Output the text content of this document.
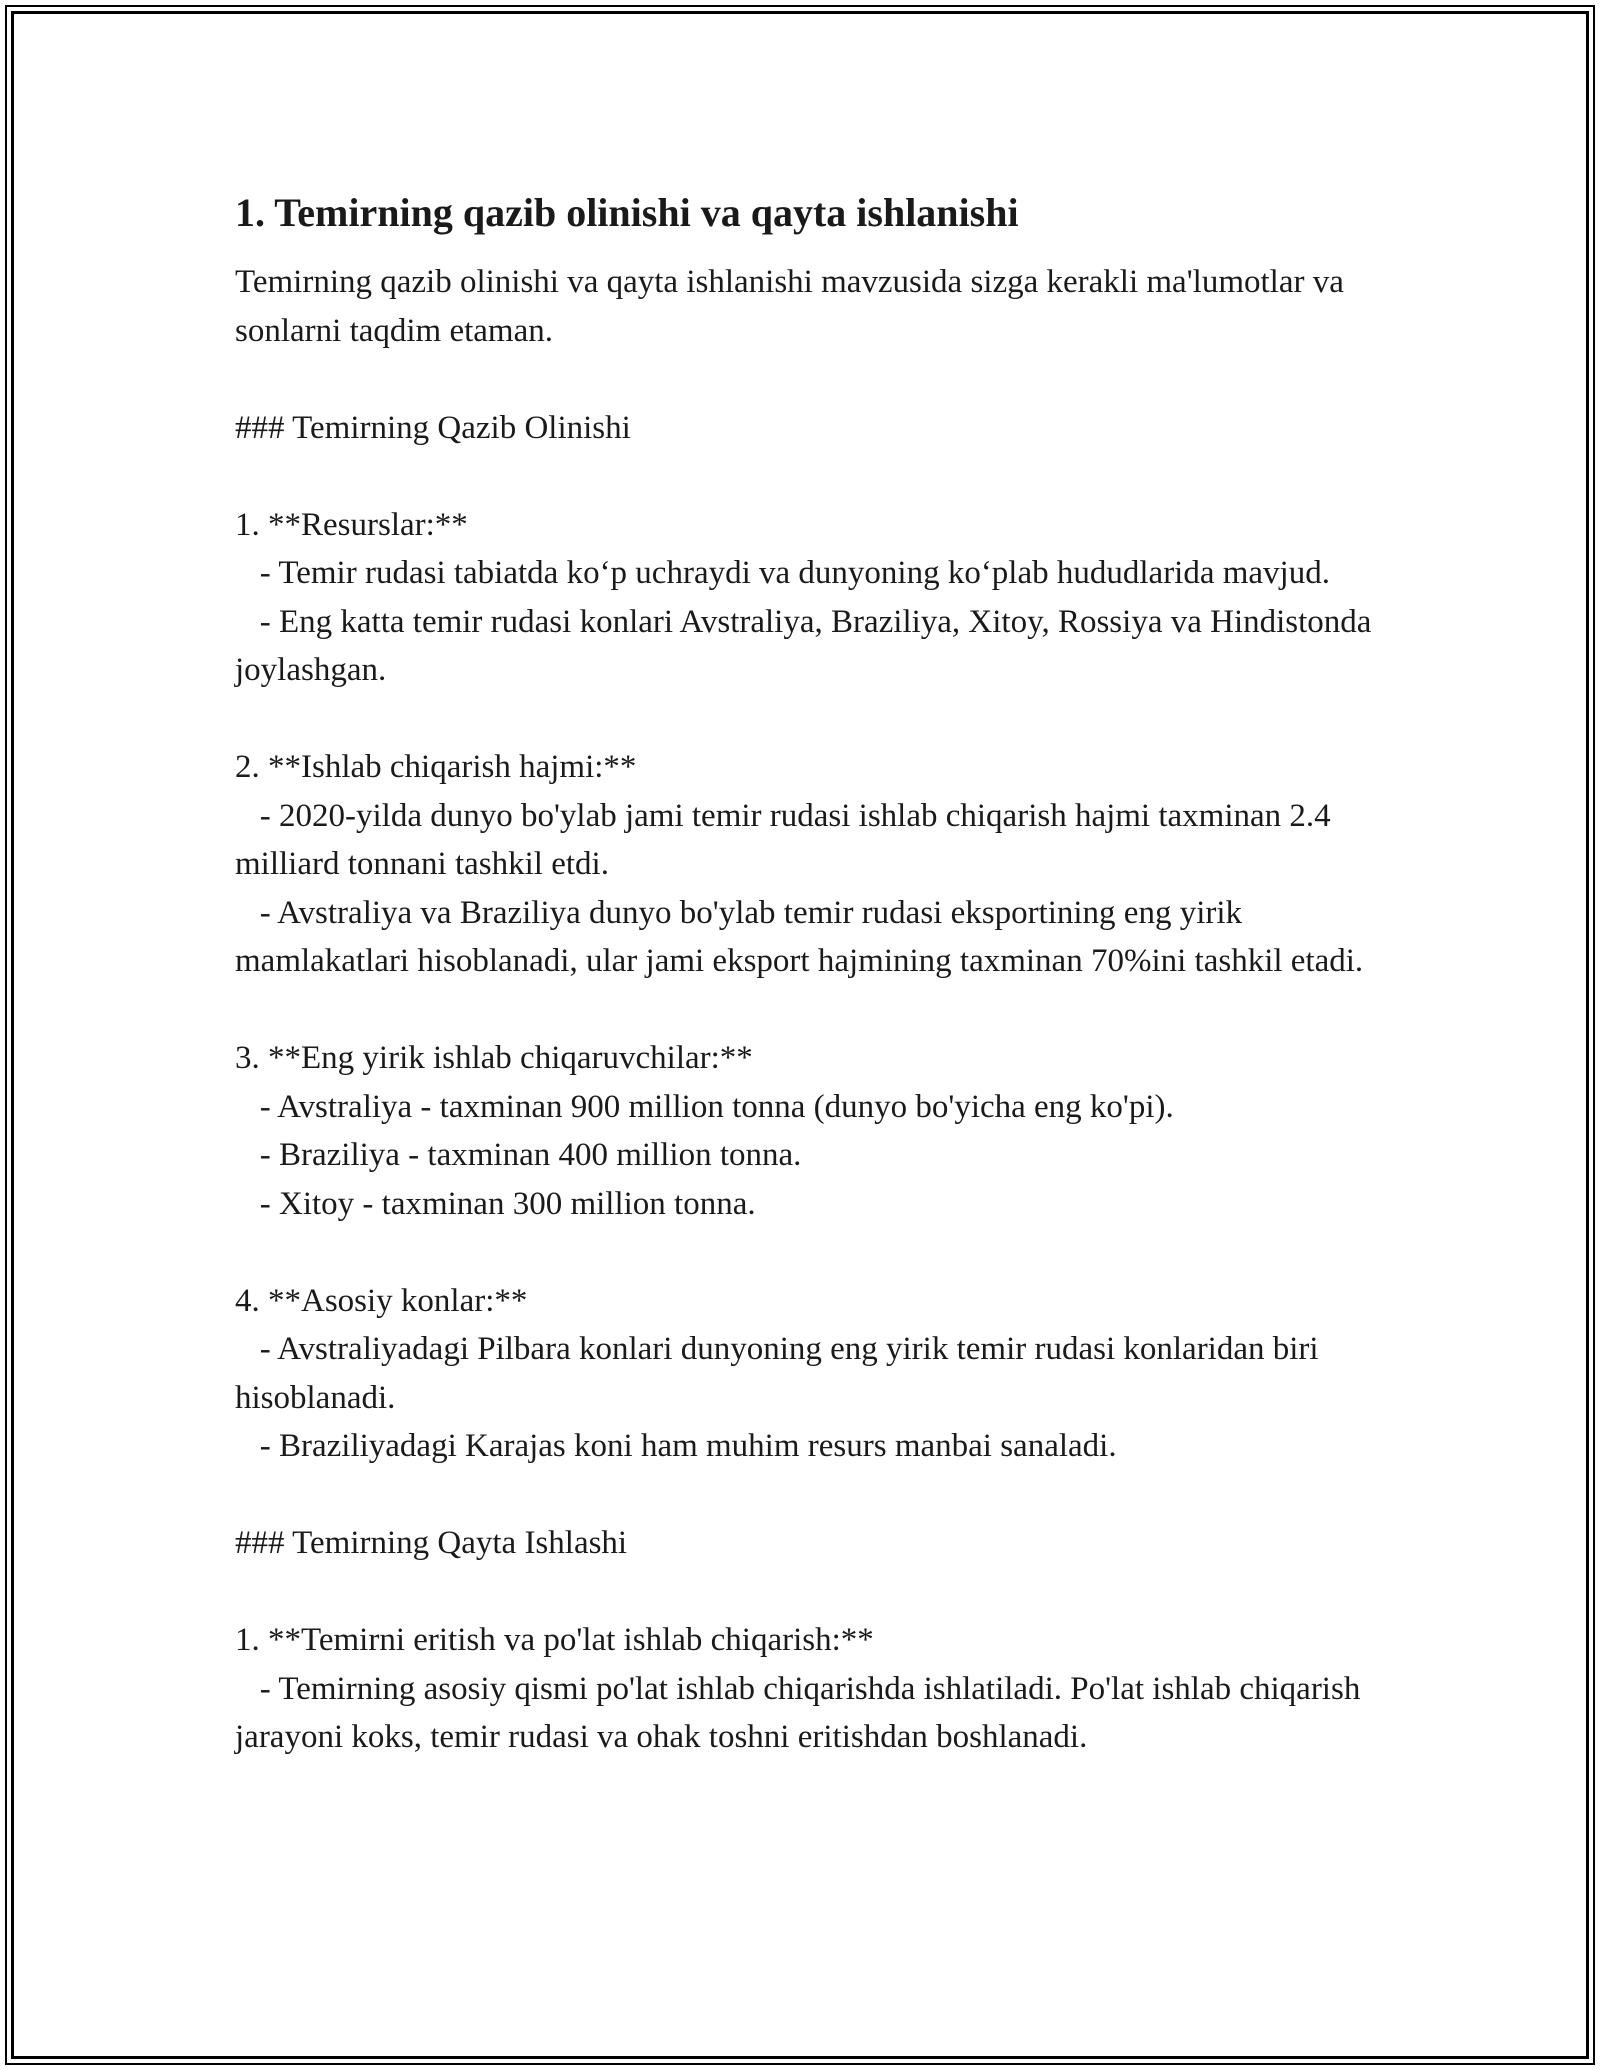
1. Temirning qazib olinishi va qayta ishlanishi

Temirning qazib olinishi va qayta ishlanishi mavzusida sizga kerakli ma'lumotlar va sonlarni taqdim etaman.

### Temirning Qazib Olinishi
1. **Resurslar:**
- Temir rudasi tabiatda ko‘p uchraydi va dunyoning ko‘plab hududlarida mavjud.
- Eng katta temir rudasi konlari Avstraliya, Braziliya, Xitoy, Rossiya va Hindistonda joylashgan.
2. **Ishlab chiqarish hajmi:**
- 2020-yilda dunyo bo'ylab jami temir rudasi ishlab chiqarish hajmi taxminan 2.4 milliard tonnani tashkil etdi.
- Avstraliya va Braziliya dunyo bo'ylab temir rudasi eksportining eng yirik mamlakatlari hisoblanadi, ular jami eksport hajmining taxminan 70%ini tashkil etadi.
3. **Eng yirik ishlab chiqaruvchilar:**
- Avstraliya - taxminan 900 million tonna (dunyo bo'yicha eng ko'pi).
- Braziliya - taxminan 400 million tonna.
- Xitoy - taxminan 300 million tonna.
4. **Asosiy konlar:**
- Avstraliyadagi Pilbara konlari dunyoning eng yirik temir rudasi konlaridan biri hisoblanadi.
- Braziliyadagi Karajas koni ham muhim resurs manbai sanaladi.
### Temirning Qayta Ishlashi
1. **Temirni eritish va po'lat ishlab chiqarish:**
- Temirning asosiy qismi po'lat ishlab chiqarishda ishlatiladi. Po'lat ishlab chiqarish jarayoni koks, temir rudasi va ohak toshni eritishdan boshlanadi.
